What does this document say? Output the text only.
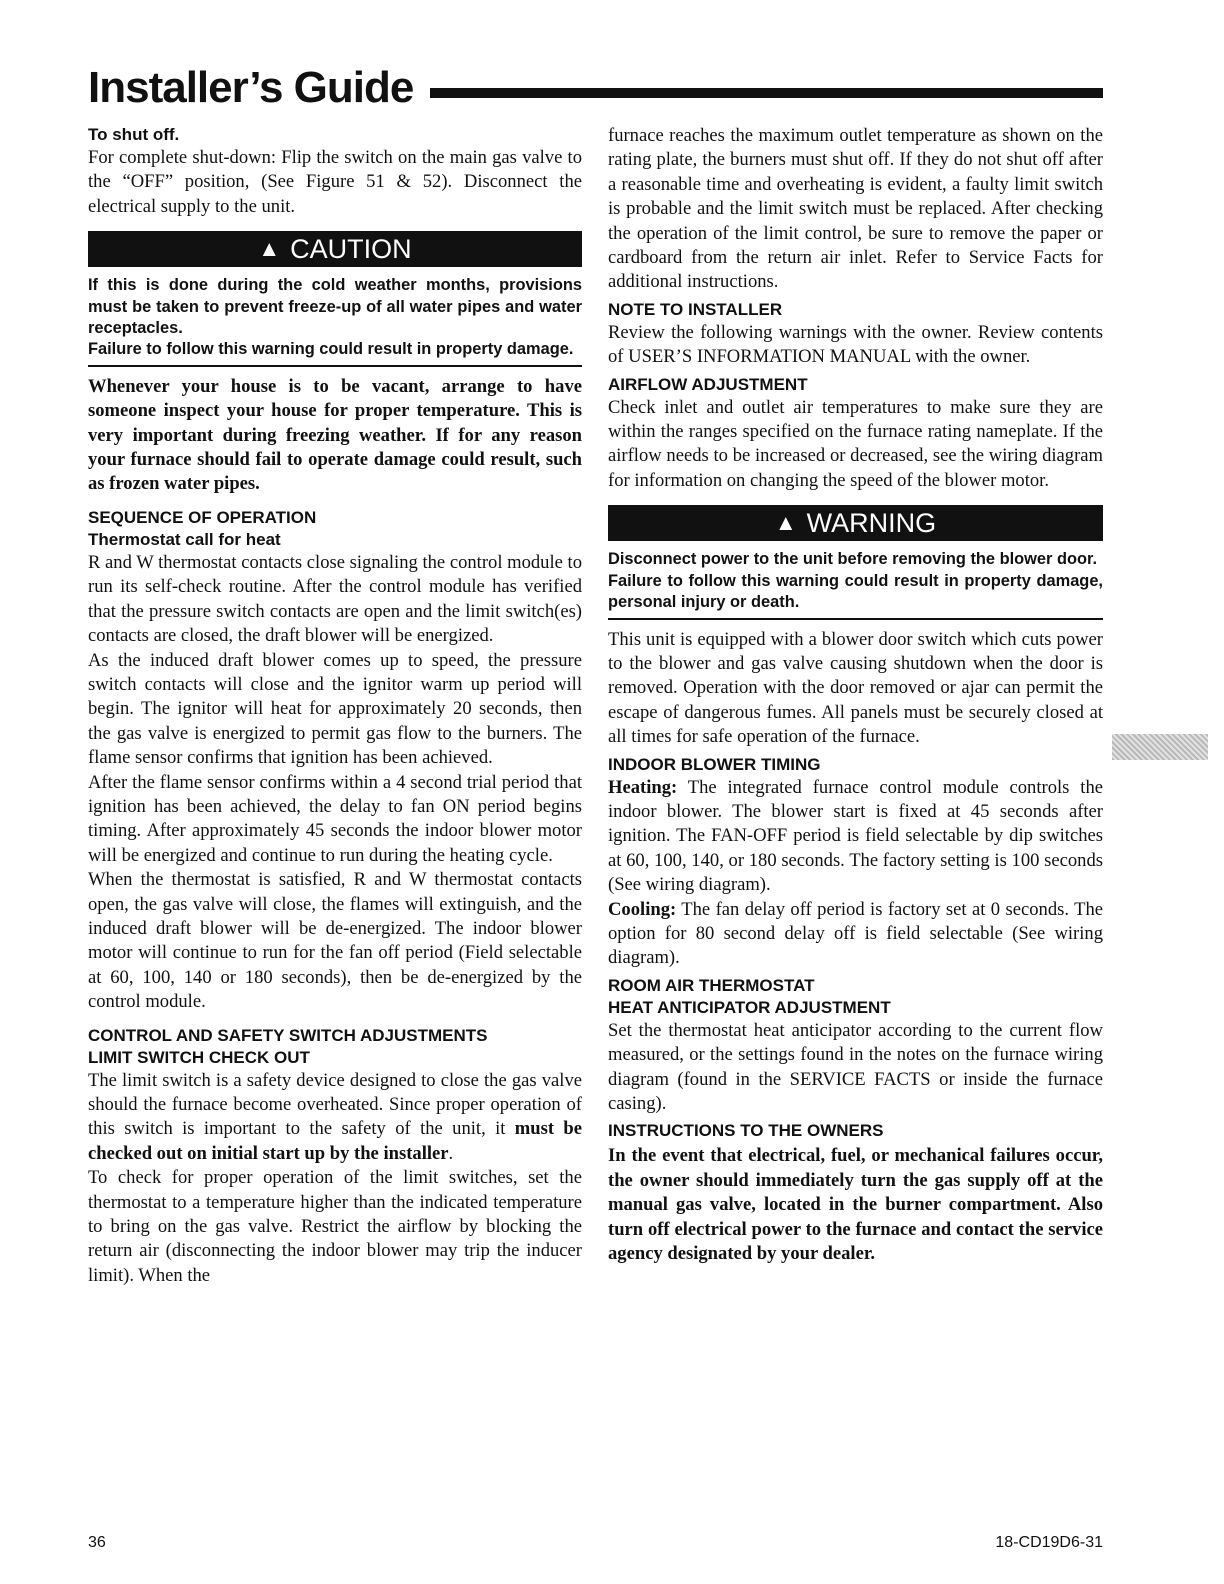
Installer’s Guide
To shut off.

For complete shut-down: Flip the switch on the main gas valve to the “OFF” position, (See Figure 51 & 52). Disconnect the electrical supply to the unit.

▲ CAUTION

If this is done during the cold weather months, provisions must be taken to prevent freeze-up of all water pipes and water receptacles.

Failure to follow this warning could result in property damage.

Whenever your house is to be vacant, arrange to have someone inspect your house for proper temperature. This is very important during freezing weather. If for any reason your furnace should fail to operate damage could result, such as frozen water pipes.

SEQUENCE OF OPERATION
Thermostat call for heat

R and W thermostat contacts close signaling the control module to run its self-check routine. After the control module has verified that the pressure switch contacts are open and the limit switch(es) contacts are closed, the draft blower will be energized.

As the induced draft blower comes up to speed, the pressure switch contacts will close and the ignitor warm up period will begin. The ignitor will heat for approximately 20 seconds, then the gas valve is energized to permit gas flow to the burners. The flame sensor confirms that ignition has been achieved.

After the flame sensor confirms within a 4 second trial period that ignition has been achieved, the delay to fan ON period begins timing. After approximately 45 seconds the indoor blower motor will be energized and continue to run during the heating cycle.

When the thermostat is satisfied, R and W thermostat contacts open, the gas valve will close, the flames will extinguish, and the induced draft blower will be de-energized. The indoor blower motor will continue to run for the fan off period (Field selectable at 60, 100, 140 or 180 seconds), then be de-energized by the control module.

CONTROL AND SAFETY SWITCH ADJUSTMENTS
LIMIT SWITCH CHECK OUT

The limit switch is a safety device designed to close the gas valve should the furnace become overheated. Since proper operation of this switch is important to the safety of the unit, it must be checked out on initial start up by the installer.

To check for proper operation of the limit switches, set the thermostat to a temperature higher than the indicated temperature to bring on the gas valve. Restrict the airflow by blocking the return air (disconnecting the indoor blower may trip the inducer limit). When the

furnace reaches the maximum outlet temperature as shown on the rating plate, the burners must shut off. If they do not shut off after a reasonable time and overheating is evident, a faulty limit switch is probable and the limit switch must be replaced. After checking the operation of the limit control, be sure to remove the paper or cardboard from the return air inlet. Refer to Service Facts for additional instructions.

NOTE TO INSTALLER

Review the following warnings with the owner. Review contents of USER’S INFORMATION MANUAL with the owner.

AIRFLOW ADJUSTMENT

Check inlet and outlet air temperatures to make sure they are within the ranges specified on the furnace rating nameplate. If the airflow needs to be increased or decreased, see the wiring diagram for information on changing the speed of the blower motor.

▲ WARNING

Disconnect power to the unit before removing the blower door.

Failure to follow this warning could result in property damage, personal injury or death.

This unit is equipped with a blower door switch which cuts power to the blower and gas valve causing shutdown when the door is removed. Operation with the door removed or ajar can permit the escape of dangerous fumes. All panels must be securely closed at all times for safe operation of the furnace.

INDOOR BLOWER TIMING

Heating: The integrated furnace control module controls the indoor blower. The blower start is fixed at 45 seconds after ignition. The FAN-OFF period is field selectable by dip switches at 60, 100, 140, or 180 seconds. The factory setting is 100 seconds (See wiring diagram).

Cooling: The fan delay off period is factory set at 0 seconds. The option for 80 second delay off is field selectable (See wiring diagram).

ROOM AIR THERMOSTAT
HEAT ANTICIPATOR ADJUSTMENT

Set the thermostat heat anticipator according to the current flow measured, or the settings found in the notes on the furnace wiring diagram (found in the SERVICE FACTS or inside the furnace casing).

INSTRUCTIONS TO THE OWNERS

In the event that electrical, fuel, or mechanical failures occur, the owner should immediately turn the gas supply off at the manual gas valve, located in the burner compartment. Also turn off electrical power to the furnace and contact the service agency designated by your dealer.

36	18-CD19D6-31
